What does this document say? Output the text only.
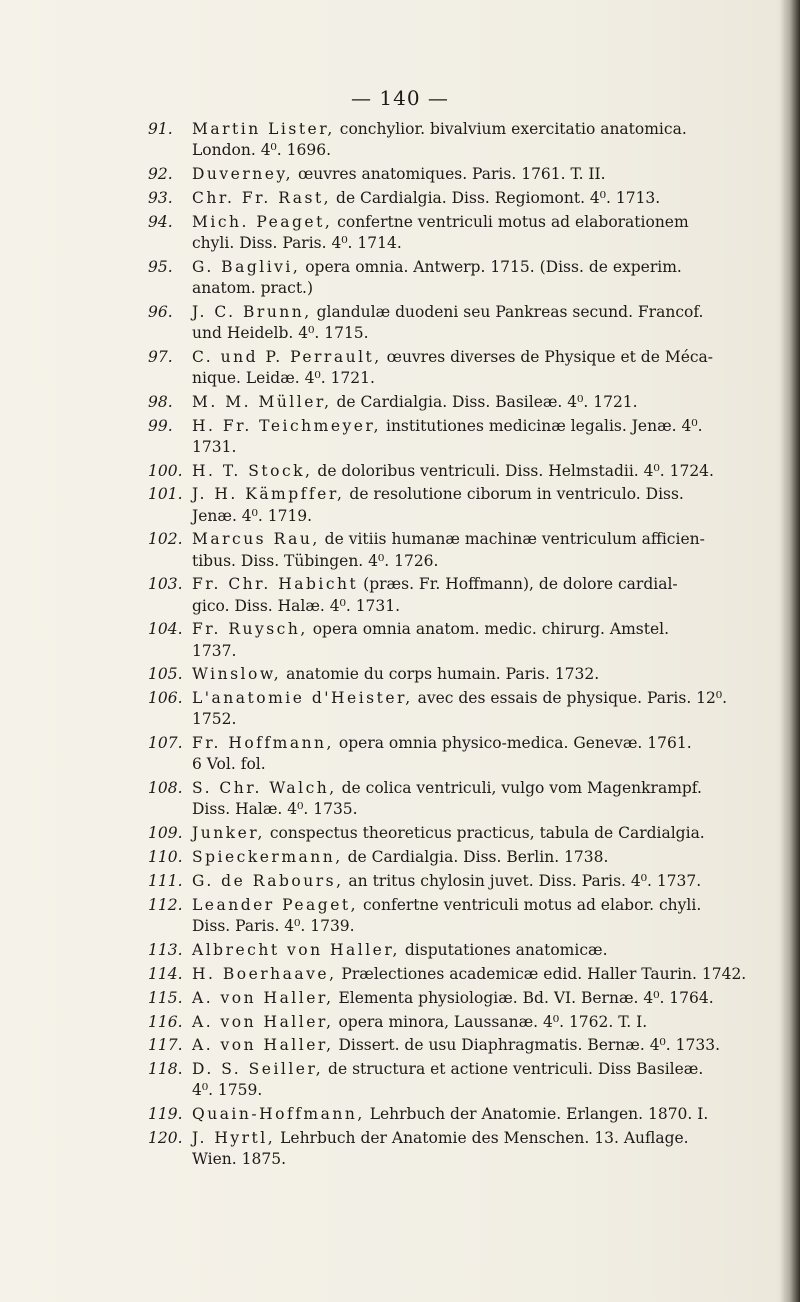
— 140 —
91.	Martin Lister, conchylior. bivalvium exercitatio anatomica.
London. 4⁰. 1696.
92.	Duverney, œuvres anatomiques. Paris. 1761. T. II.
93.	Chr. Fr. Rast, de Cardialgia. Diss. Regiomont. 4⁰. 1713.
94.	Mich. Peaget, confertne ventriculi motus ad elaborationem
chyli. Diss. Paris. 4⁰. 1714.
95.	G. Baglivi, opera omnia. Antwerp. 1715. (Diss. de experim.
anatom. pract.)
96.	J. C. Brunn, glandulæ duodeni seu Pankreas secund. Francof.
und Heidelb. 4⁰. 1715.
97.	C. und P. Perrault, œuvres diverses de Physique et de Méca-
nique. Leidæ. 4⁰. 1721.
98.	M. M. Müller, de Cardialgia. Diss. Basileæ. 4⁰. 1721.
99.	H. Fr. Teichmeyer, institutiones medicinæ legalis. Jenæ. 4⁰.
1731.
100. H. T. Stock, de doloribus ventriculi. Diss. Helmstadii. 4⁰. 1724.
101. J. H. Kämpffer, de resolutione ciborum in ventriculo. Diss.
Jenæ. 4⁰. 1719.
102. Marcus Rau, de vitiis humanæ machinæ ventriculum afficien-
tibus. Diss. Tübingen. 4⁰. 1726.
103. Fr. Chr. Habicht (præs. Fr. Hoffmann), de dolore cardial-
gico. Diss. Halæ. 4⁰. 1731.
104. Fr. Ruysch, opera omnia anatom. medic. chirurg. Amstel.
1737.
105. Winslow, anatomie du corps humain. Paris. 1732.
106. L'anatomie d'Heister, avec des essais de physique. Paris. 12⁰.
1752.
107. Fr. Hoffmann, opera omnia physico-medica. Genevæ. 1761.
6 Vol. fol.
108. S. Chr. Walch, de colica ventriculi, vulgo vom Magenkrampf.
Diss. Halæ. 4⁰. 1735.
109. Junker, conspectus theoreticus practicus, tabula de Cardialgia.
110. Spieckermann, de Cardialgia. Diss. Berlin. 1738.
111. G. de Rabours, an tritus chylosin juvet. Diss. Paris. 4⁰. 1737.
112. Leander Peaget, confertne ventriculi motus ad elabor. chyli.
Diss. Paris. 4⁰. 1739.
113. Albrecht von Haller, disputationes anatomicæ.
114. H. Boerhaave, Prælectiones academicæ edid. Haller Taurin. 1742.
115. A. von Haller, Elementa physiologiæ. Bd. VI. Bernæ. 4⁰. 1764.
116. A. von Haller, opera minora, Laussanæ. 4⁰. 1762. T. I.
117. A. von Haller, Dissert. de usu Diaphragmatis. Bernæ. 4⁰. 1733.
118. D. S. Seiller, de structura et actione ventriculi. Diss Basileæ.
4⁰. 1759.
119. Quain-Hoffmann, Lehrbuch der Anatomie. Erlangen. 1870. I.
120. J. Hyrtl, Lehrbuch der Anatomie des Menschen. 13. Auflage.
Wien. 1875.
